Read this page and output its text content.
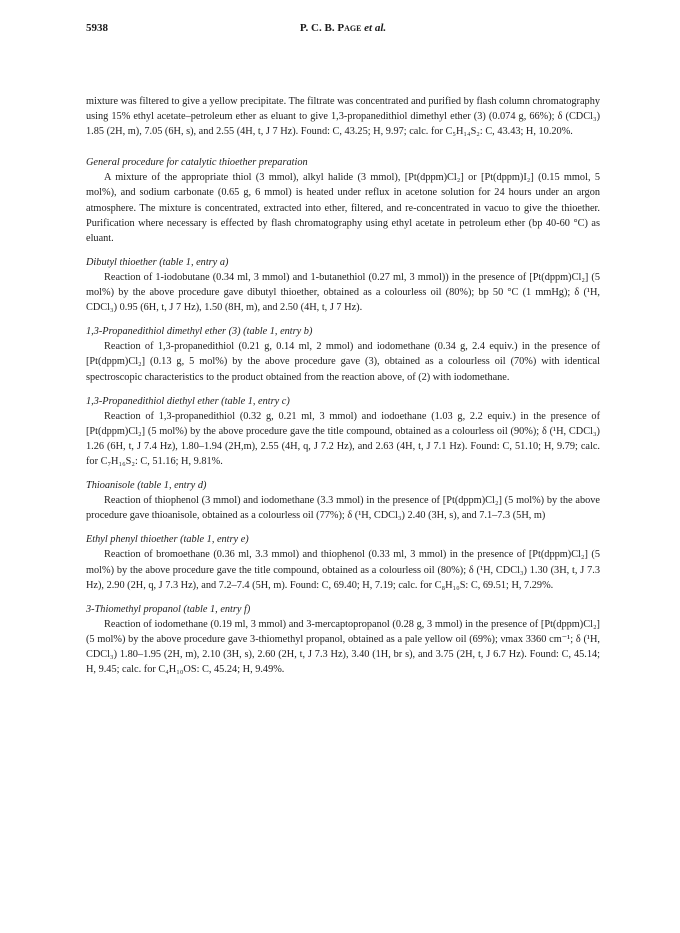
5938	P. C. B. Page et al.

mixture was filtered to give a yellow precipitate. The filtrate was concentrated and purified by flash column chromatography using 15% ethyl acetate–petroleum ether as eluant to give 1,3-propanedithiol dimethyl ether (3) (0.074 g, 66%); δ (CDCl₃) 1.85 (2H, m), 7.05 (6H, s), and 2.55 (4H, t, J 7 Hz). Found: C, 43.25; H, 9.97; calc. for C₅H₁₄S₂: C, 43.43; H, 10.20%.

General procedure for catalytic thioether preparation

A mixture of the appropriate thiol (3 mmol), alkyl halide (3 mmol), [Pt(dppm)Cl₂] or [Pt(dppm)I₂] (0.15 mmol, 5 mol%), and sodium carbonate (0.65 g, 6 mmol) is heated under reflux in acetone solution for 24 hours under an argon atmosphere. The mixture is concentrated, extracted into ether, filtered, and re-concentrated in vacuo to give the thioether. Purification where necessary is effected by flash chromatography using ethyl acetate in petroleum ether (bp 40-60 °C) as eluant.

Dibutyl thioether (table 1, entry a)

Reaction of 1-iodobutane (0.34 ml, 3 mmol) and 1-butanethiol (0.27 ml, 3 mmol)) in the presence of [Pt(dppm)Cl₂] (5 mol%) by the above procedure gave dibutyl thioether, obtained as a colourless oil (80%); bp 50 °C (1 mmHg); δ (¹H, CDCl₃) 0.95 (6H, t, J 7 Hz), 1.50 (8H, m), and 2.50 (4H, t, J 7 Hz).

1,3-Propanedithiol dimethyl ether (3) (table 1, entry b)

Reaction of 1,3-propanedithiol (0.21 g, 0.14 ml, 2 mmol) and iodomethane (0.34 g, 2.4 equiv.) in the presence of [Pt(dppm)Cl₂] (0.13 g, 5 mol%) by the above procedure gave (3), obtained as a colourless oil (70%) with identical spectroscopic characteristics to the product obtained from the reaction above, of (2) with iodomethane.

1,3-Propanedithiol diethyl ether (table 1, entry c)

Reaction of 1,3-propanedithiol (0.32 g, 0.21 ml, 3 mmol) and iodoethane (1.03 g, 2.2 equiv.) in the presence of [Pt(dppm)Cl₂] (5 mol%) by the above procedure gave the title compound, obtained as a colourless oil (90%); δ (¹H, CDCl₃) 1.26 (6H, t, J 7.4 Hz), 1.80–1.94 (2H,m), 2.55 (4H, q, J 7.2 Hz), and 2.63 (4H, t, J 7.1 Hz). Found: C, 51.10; H, 9.79; calc. for C₇H₁₆S₂: C, 51.16; H, 9.81%.

Thioanisole (table 1, entry d)

Reaction of thiophenol (3 mmol) and iodomethane (3.3 mmol) in the presence of [Pt(dppm)Cl₂] (5 mol%) by the above procedure gave thioanisole, obtained as a colourless oil (77%); δ (¹H, CDCl₃) 2.40 (3H, s), and 7.1–7.3 (5H, m)

Ethyl phenyl thioether (table 1, entry e)

Reaction of bromoethane (0.36 ml, 3.3 mmol) and thiophenol (0.33 ml, 3 mmol) in the presence of [Pt(dppm)Cl₂] (5 mol%) by the above procedure gave the title compound, obtained as a colourless oil (80%); δ (¹H, CDCl₃) 1.30 (3H, t, J 7.3 Hz), 2.90 (2H, q, J 7.3 Hz), and 7.2–7.4 (5H, m). Found: C, 69.40; H, 7.19; calc. for C₈H₁₀S: C, 69.51; H, 7.29%.

3-Thiomethyl propanol (table 1, entry f)

Reaction of iodomethane (0.19 ml, 3 mmol) and 3-mercaptopropanol (0.28 g, 3 mmol) in the presence of [Pt(dppm)Cl₂] (5 mol%) by the above procedure gave 3-thiomethyl propanol, obtained as a pale yellow oil (69%); νmax 3360 cm⁻¹; δ (¹H, CDCl₃) 1.80–1.95 (2H, m), 2.10 (3H, s), 2.60 (2H, t, J 7.3 Hz), 3.40 (1H, br s), and 3.75 (2H, t, J 6.7 Hz). Found: C, 45.14; H, 9.45; calc. for C₄H₁₀OS: C, 45.24; H, 9.49%.
